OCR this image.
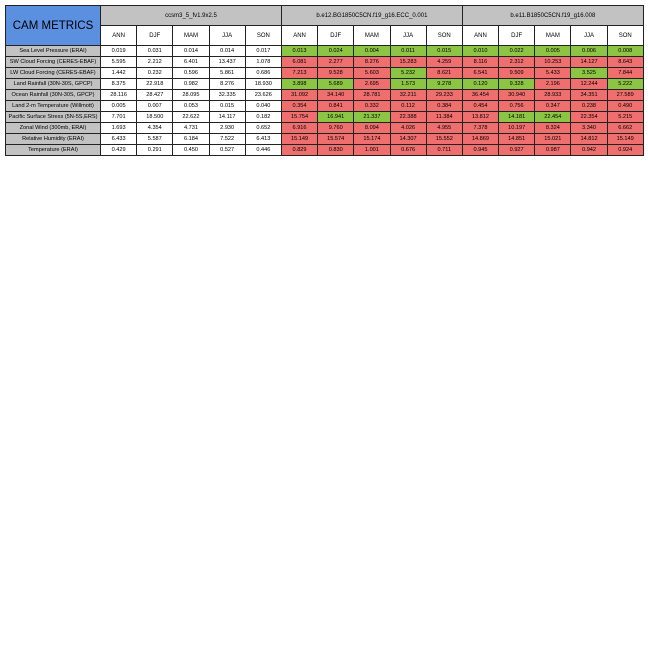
CAM METRICS	ccsm3_5_fv1.9x2.5					b.e12.BG1850C5CN.f19_g16.ECC_0.001					b.e11.B1850C5CN.f19_g16.008				
	ANN	DJF	MAM	JJA	SON	ANN	DJF	MAM	JJA	SON	ANN	DJF	MAM	JJA	SON
Sea Level Pressure (ERAI)	0.019	0.031	0.014	0.014	0.017	0.013	0.024	0.004	0.011	0.015	0.010	0.022	0.005	0.006	0.008
SW Cloud Forcing (CERES-EBAF)	5.595	2.212	6.401	13.437	1.078	6.081	2.277	8.276	15.283	4.259	8.116	2.312	10.253	14.127	8.643
LW Cloud Forcing (CERES-EBAF)	1.442	0.232	0.596	5.861	0.686	7.213	9.528	5.603	5.232	8.621	6.541	9.509	5.433	3.525	7.844
Land Rainfall (30N-30S, GPCP)	8.375	22.918	0.982	8.276	18.930	3.898	5.689	2.695	1.573	9.278	0.120	9.328	2.196	12.244	5.222
Ocean Rainfall (30N-30S, GPCP)	28.116	28.427	28.095	32.335	23.626	31.092	34.140	28.781	32.211	29.233	36.454	30.940	28.933	34.351	27.589
Land 2-m Temperature (Willmott)	0.005	0.007	0.053	0.015	0.040	0.354	0.841	0.332	0.112	0.384	0.454	0.756	0.347	0.238	0.490
Pacific Surface Stress (5N-5S,ERS)	7.701	18.500	22.622	14.117	0.182	15.754	16.941	21.337	22.388	11.384	13.812	14.181	22.454	22.354	5.215
Zonal Wind (300mb, ERAI)	1.693	4.354	4.731	2.930	0.652	6.916	9.760	8.094	4.026	4.955	7.378	10.197	8.324	3.340	6.662
Relative Humidity (ERAI)	6.433	5.587	6.184	7.522	6.413	15.149	15.574	15.174	14.307	15.552	14.869	14.851	15.021	14.812	15.149
Temperature (ERAI)	0.429	0.291	0.450	0.527	0.446	0.829	0.830	1.001	0.676	0.711	0.945	0.927	0.987	0.942	0.924
